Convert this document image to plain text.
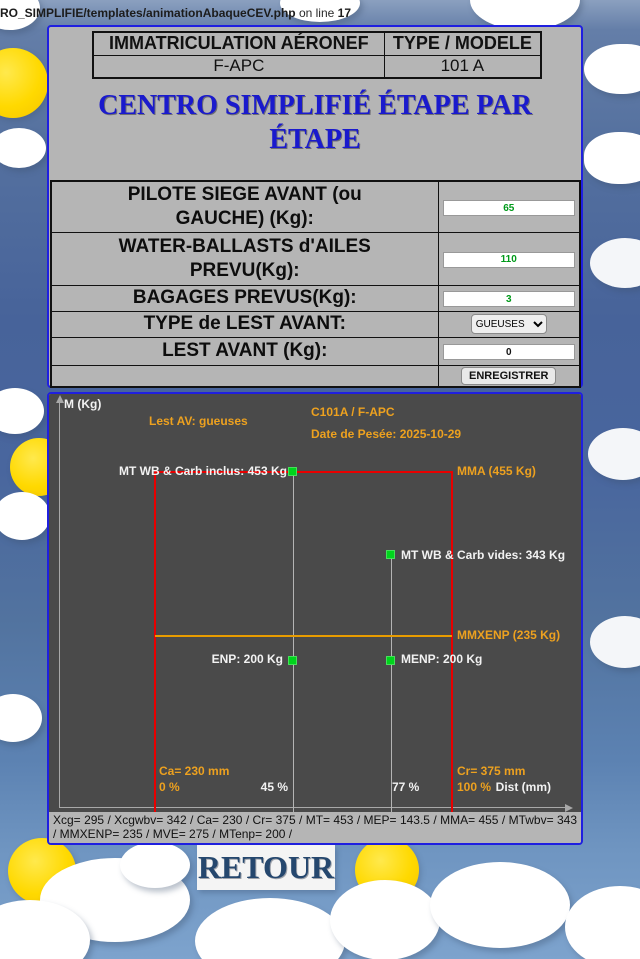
RO_SIMPLIFIE/templates/animationAbaqueCEV.php on line 17
IMMATRICULATION AÉRONEF	TYPE / MODELE
F-APC	101 A
CENTRO SIMPLIFIÉ ÉTAPE PAR ÉTAPE
PILOTE SIEGE AVANT (ou GAUCHE) (Kg):	65
WATER-BALLASTS d'AILES PREVU(Kg):	110
BAGAGES PREVUS(Kg):	3
TYPE de LEST AVANT:	
GUEUSES
LEST AVANT (Kg):	0
	ENREGISTRER
M (Kg)
Lest AV: gueuses
C101A / F-APC
Date de Pesée: 2025-10-29
MT WB & Carb inclus: 453 Kg	MMA (455 Kg)
MT WB & Carb vides: 343 Kg
MMXENP (235 Kg)
ENP: 200 Kg	MENP: 200 Kg
Ca= 230 mm
0 %	45 %	77 %
Cr= 375 mm
100 % Dist (mm)
Xcg= 295 / Xcgwbv= 342 / Ca= 230 / Cr= 375 / MT= 453 / MEP= 143.5 / MMA= 455 / MTwbv= 343 / MMXENP= 235 / MVE= 275 / MTenp= 200 /
RETOUR
